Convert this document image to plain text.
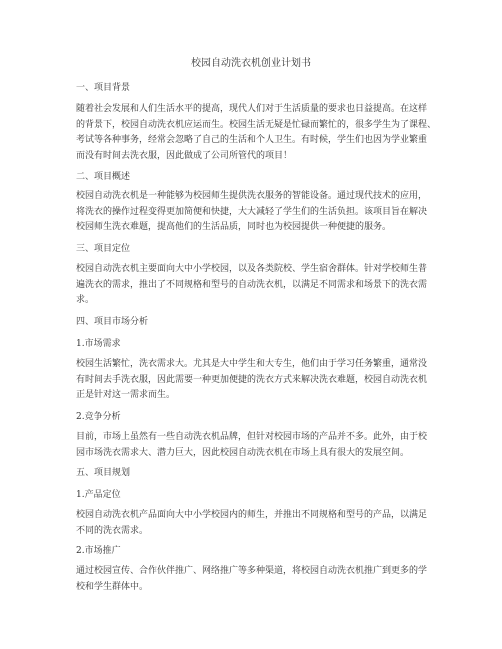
校园自动洗衣机创业计划书
一、项目背景
随着社会发展和人们生活水平的提高，现代人们对于生活质量的要求也日益提高。在这样
的背景下，校园自动洗衣机应运而生。校园生活无疑是忙碌而繁忙的，很多学生为了课程、
考试等各种事务，经常会忽略了自己的生活和个人卫生。有时候，学生们也因为学业繁重
而没有时间去洗衣服，因此做成了公司所管代的项目！
二、项目概述
校园自动洗衣机是一种能够为校园师生提供洗衣服务的智能设备。通过现代技术的应用，
将洗衣的操作过程变得更加简便和快捷，大大减轻了学生们的生活负担。该项目旨在解决
校园师生洗衣难题，提高他们的生活品质，同时也为校园提供一种便捷的服务。
三、项目定位
校园自动洗衣机主要面向大中小学校园，以及各类院校、学生宿舍群体。针对学校师生普
遍洗衣的需求，推出了不同规格和型号的自动洗衣机，以满足不同需求和场景下的洗衣需
求。
四、项目市场分析
1.市场需求
校园生活繁忙，洗衣需求大。尤其是大中学生和大专生，他们由于学习任务繁重，通常没
有时间去手洗衣服，因此需要一种更加便捷的洗衣方式来解决洗衣难题，校园自动洗衣机
正是针对这一需求而生。
2.竞争分析
目前，市场上虽然有一些自动洗衣机品牌，但针对校园市场的产品并不多。此外，由于校
园市场洗衣需求大、潜力巨大，因此校园自动洗衣机在市场上具有很大的发展空间。
五、项目规划
1.产品定位
校园自动洗衣机产品面向大中小学校园内的师生，并推出不同规格和型号的产品，以满足
不同的洗衣需求。
2.市场推广
通过校园宣传、合作伙伴推广、网络推广等多种渠道，将校园自动洗衣机推广到更多的学
校和学生群体中。
